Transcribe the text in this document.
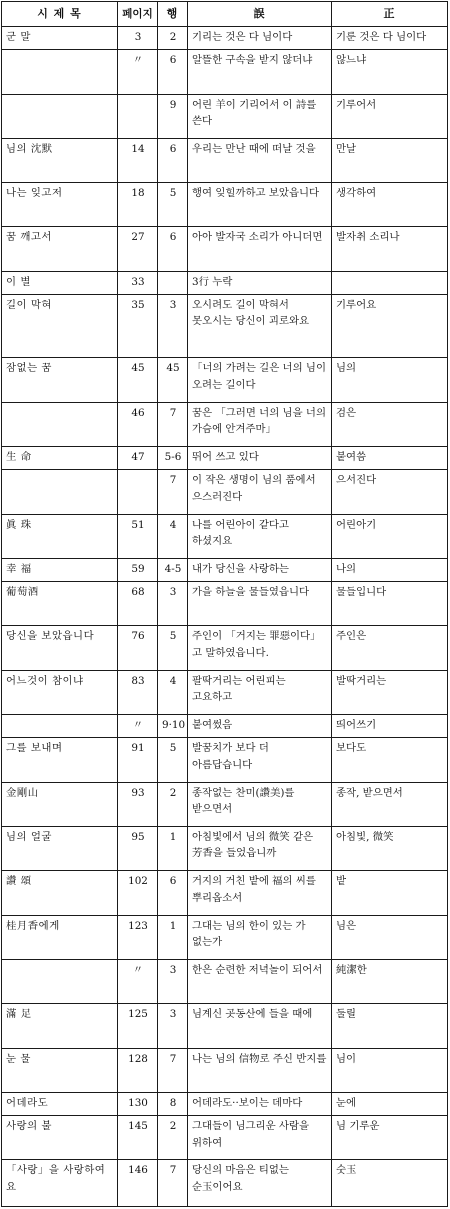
시 제 목	페이지	행	誤	正
군 말	3	2	기리는 것은 다 님이다	기룬 것은 다 님이다
	〃	6	알뜰한 구속을 받지 않더냐	않느냐
		9	어린 羊이 기리어서 이 詩를 쓴다	기루어서
님의 沈默	14	6	우리는 만난 때에 떠날 것을	만날
나는 잊고저	18	5	행여 잊힐까하고 보았읍니다	생각하여
꿈 깨고서	27	6	아아 발자국 소리가 아니더면	발자취 소리나
이 별	33		3行 누락	
길이 막혀	35	3	오시려도 길이 막혀서 못오시는 당신이 괴로와요	기루어요
잠없는 꿈	45	45	「너의 가려는 길은 너의 님이 오려는 길이다	님의
	46	7	꿈은 「그러면 너의 님을 너의 가슴에 안겨주마」	검은
生 命	47	5-6	뛰어 쓰고 있다	붙여씀
		7	이 작은 생명이 님의 품에서 으스러진다	으서진다
眞 珠	51	4	나를 어린아이 같다고 하셨지요	어린아기
幸 福	59	4-5	내가 당신을 사랑하는	나의
葡萄酒	68	3	가을 하늘을 물들였읍니다	물들입니다
당신을 보았읍니다	76	5	주인이 「거지는 罪惡이다」고 말하였읍니다.	주인은
어느것이 참이냐	83	4	팔딱거리는 어린피는 고요하고	발딱거리는
	〃	9·10	붙여썼음	띄어쓰기
그를 보내며	91	5	발꿈치가 보다 더 아름답습니다	보다도
金剛山	93	2	종작없는 찬미(讚美)를 받으면서	종작, 받으면서
님의 얼굴	95	1	아침빛에서 님의 微笑 같은 芳香을 들었읍니까	아침빛, 微笑
讚 頌	102	6	거지의 거친 밭에 福의 씨를 뿌리옵소서	밭
桂月香에게	123	1	그대는 님의 한이 있는 가 없는가	님은
	〃	3	한은 순련한 저녁놀이 되어서	純潔한
滿 足	125	3	님계신 곳동산에 들을 때에	둘릴
눈 물	128	7	나는 님의 信物로 주신 반지를	님이
어데라도	130	8	어데라도··보이는 데마다	눈에
사랑의 불	145	2	그대들이 님그리운 사람을 위하여	님 기루운
「사랑」을 사랑하여요	146	7	당신의 마음은 티없는 순玉이어요	숫玉
